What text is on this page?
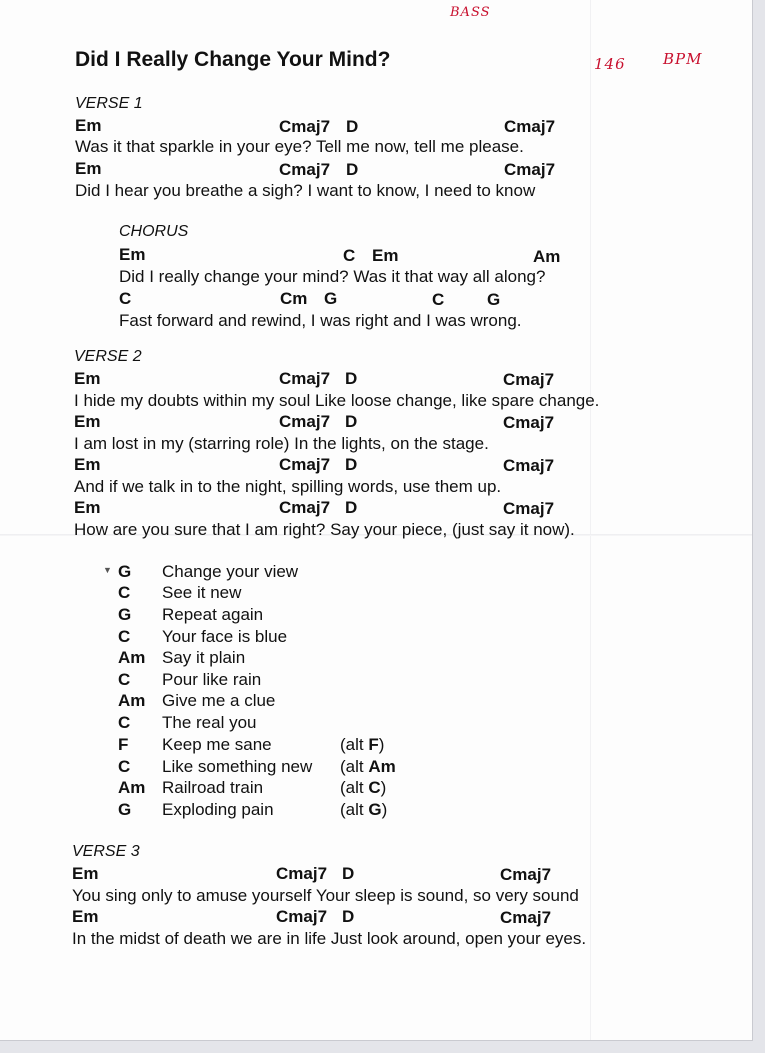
BASS
146 BPM
Did I Really Change Your Mind?
VERSE 1
Em	Cmaj7 D	Cmaj7
Was it that sparkle in your eye? Tell me now, tell me please.
Em	Cmaj7 D	Cmaj7
Did I hear you breathe a sigh? I want to know, I need to know
CHORUS
Em	C Em	Am
Did I really change your mind? Was it that way all along?
C	Cm G	C	G
Fast forward and rewind, I was right and I was wrong.
VERSE 2
Em	Cmaj7 D	Cmaj7
I hide my doubts within my soul Like loose change, like spare change.
Em	Cmaj7 D	Cmaj7
I am lost in my (starring role) In the lights, on the stage.
Em	Cmaj7 D	Cmaj7
And if we talk in to the night, spilling words, use them up.
Em	Cmaj7 D	Cmaj7
How are you sure that I am right? Say your piece, (just say it now).
▼ G Change your view
C See it new
G Repeat again
C Your face is blue
Am Say it plain
C Pour like rain
Am Give me a clue
C The real you
F Keep me sane	(alt F)
C Like something new (alt Am
Am Railroad train	(alt C)
G Exploding pain	(alt G)
VERSE 3
Em	Cmaj7 D	Cmaj7
You sing only to amuse yourself Your sleep is sound, so very sound
Em	Cmaj7 D	Cmaj7
In the midst of death we are in life Just look around, open your eyes.
